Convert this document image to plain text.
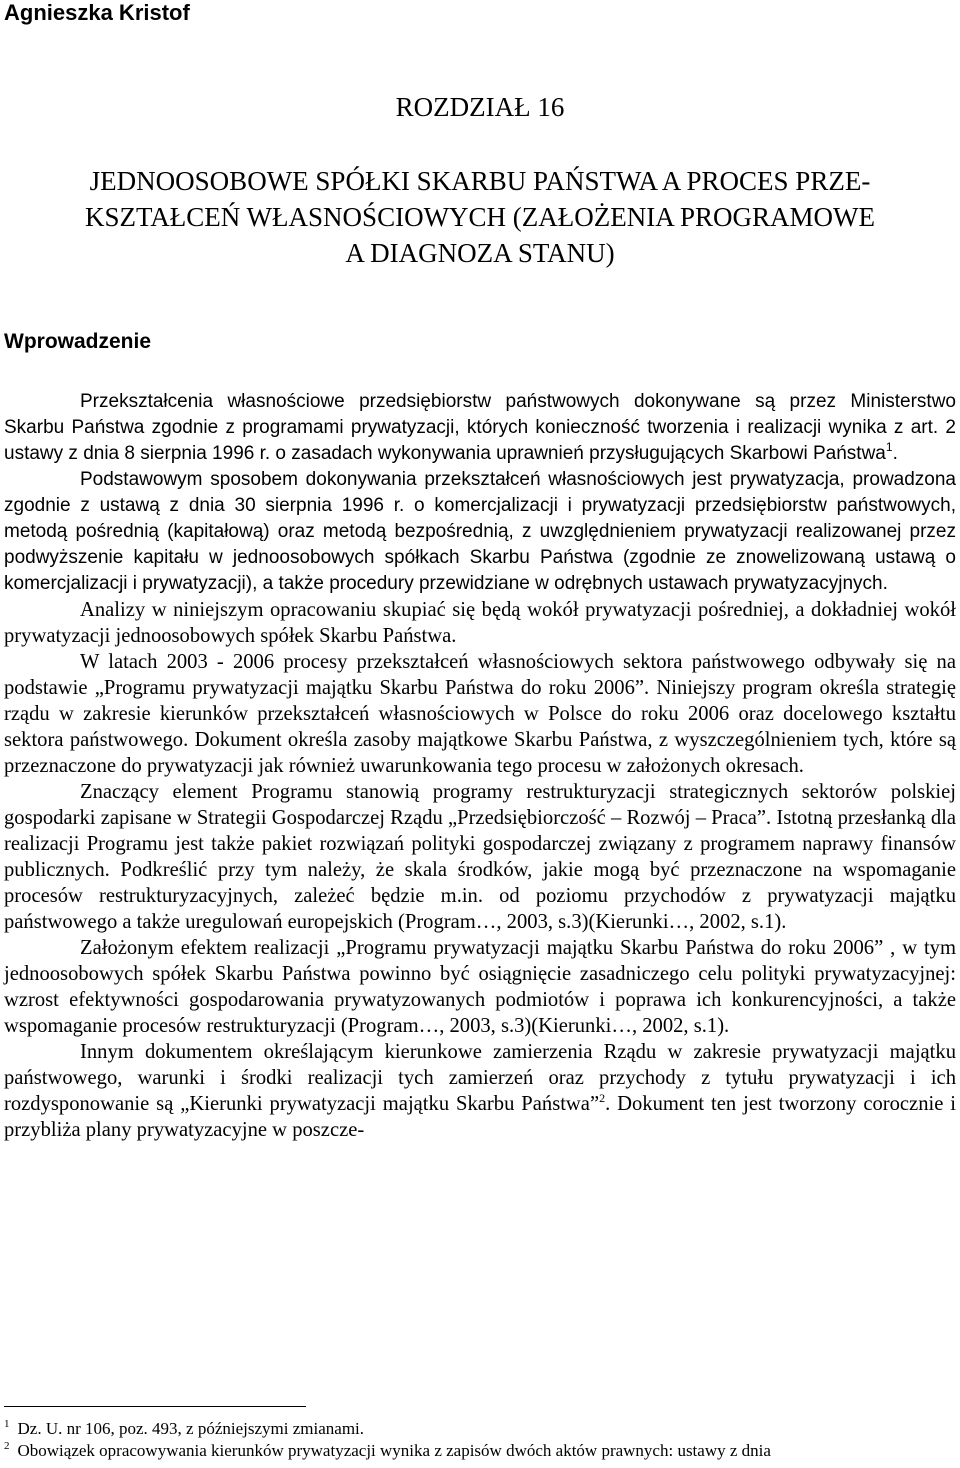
Agnieszka Kristof
ROZDZIAŁ 16
JEDNOOSOBOWE SPÓŁKI SKARBU PAŃSTWA A PROCES PRZE-
KSZTAŁCEŃ WŁASNOŚCIOWYCH (ZAŁOŻENIA PROGRAMOWE
A DIAGNOZA STANU)
Wprowadzenie

Przekształcenia własnościowe przedsiębiorstw państwowych dokonywane są przez Ministerstwo Skarbu Państwa zgodnie z programami prywatyzacji, których konieczność tworzenia i realizacji wynika z art. 2 ustawy z dnia 8 sierpnia 1996 r. o zasadach wykonywania uprawnień przysługujących Skarbowi Państwa$^1$.

Podstawowym sposobem dokonywania przekształceń własnościowych jest prywatyzacja, prowadzona zgodnie z ustawą z dnia 30 sierpnia 1996 r. o komercjalizacji i prywatyzacji przedsiębiorstw państwowych, metodą pośrednią (kapitałową) oraz metodą bezpośrednią, z uwzględnieniem prywatyzacji realizowanej przez podwyższenie kapitału w jednoosobowych spółkach Skarbu Państwa (zgodnie ze znowelizowaną ustawą o komercjalizacji i prywatyzacji), a także procedury przewidziane w odrębnych ustawach prywatyzacyjnych.

Analizy w niniejszym opracowaniu skupiać się będą wokół prywatyzacji pośredniej, a dokładniej wokół prywatyzacji jednoosobowych spółek Skarbu Państwa.

W latach 2003 - 2006 procesy przekształceń własnościowych sektora państwowego odbywały się na podstawie „Programu prywatyzacji majątku Skarbu Państwa do roku 2006”. Niniejszy program określa strategię rządu w zakresie kierunków przekształceń własnościowych w Polsce do roku 2006 oraz docelowego kształtu sektora państwowego. Dokument określa zasoby majątkowe Skarbu Państwa, z wyszczególnieniem tych, które są przeznaczone do prywatyzacji jak również uwarunkowania tego procesu w założonych okresach.

Znaczący element Programu stanowią programy restrukturyzacji strategicznych sektorów polskiej gospodarki zapisane w Strategii Gospodarczej Rządu „Przedsiębiorczość – Rozwój – Praca”. Istotną przesłanką dla realizacji Programu jest także pakiet rozwiązań polityki gospodarczej związany z programem naprawy finansów publicznych. Podkreślić przy tym należy, że skala środków, jakie mogą być przeznaczone na wspomaganie procesów restrukturyzacyjnych, zależeć będzie m.in. od poziomu przychodów z prywatyzacji majątku państwowego a także uregulowań europejskich (Program…, 2003, s.3)(Kierunki…, 2002, s.1).

Założonym efektem realizacji „Programu prywatyzacji majątku Skarbu Państwa do roku 2006” , w tym jednoosobowych spółek Skarbu Państwa powinno być osiągnięcie zasadniczego celu polityki prywatyzacyjnej: wzrost efektywności gospodarowania prywatyzowanych podmiotów i poprawa ich konkurencyjności, a także wspomaganie procesów restrukturyzacji (Program…, 2003, s.3)(Kierunki…, 2002, s.1).

Innym dokumentem określającym kierunkowe zamierzenia Rządu w zakresie prywatyzacji majątku państwowego, warunki i środki realizacji tych zamierzeń oraz przychody z tytułu prywatyzacji i ich rozdysponowanie są „Kierunki prywatyzacji majątku Skarbu Państwa”$^2$. Dokument ten jest tworzony corocznie i przybliża plany prywatyzacyjne w poszcze-

$^1$ Dz. U. nr 106, poz. 493, z późniejszymi zmianami.
$^2$ Obowiązek opracowywania kierunków prywatyzacji wynika z zapisów dwóch aktów prawnych: ustawy z dnia
